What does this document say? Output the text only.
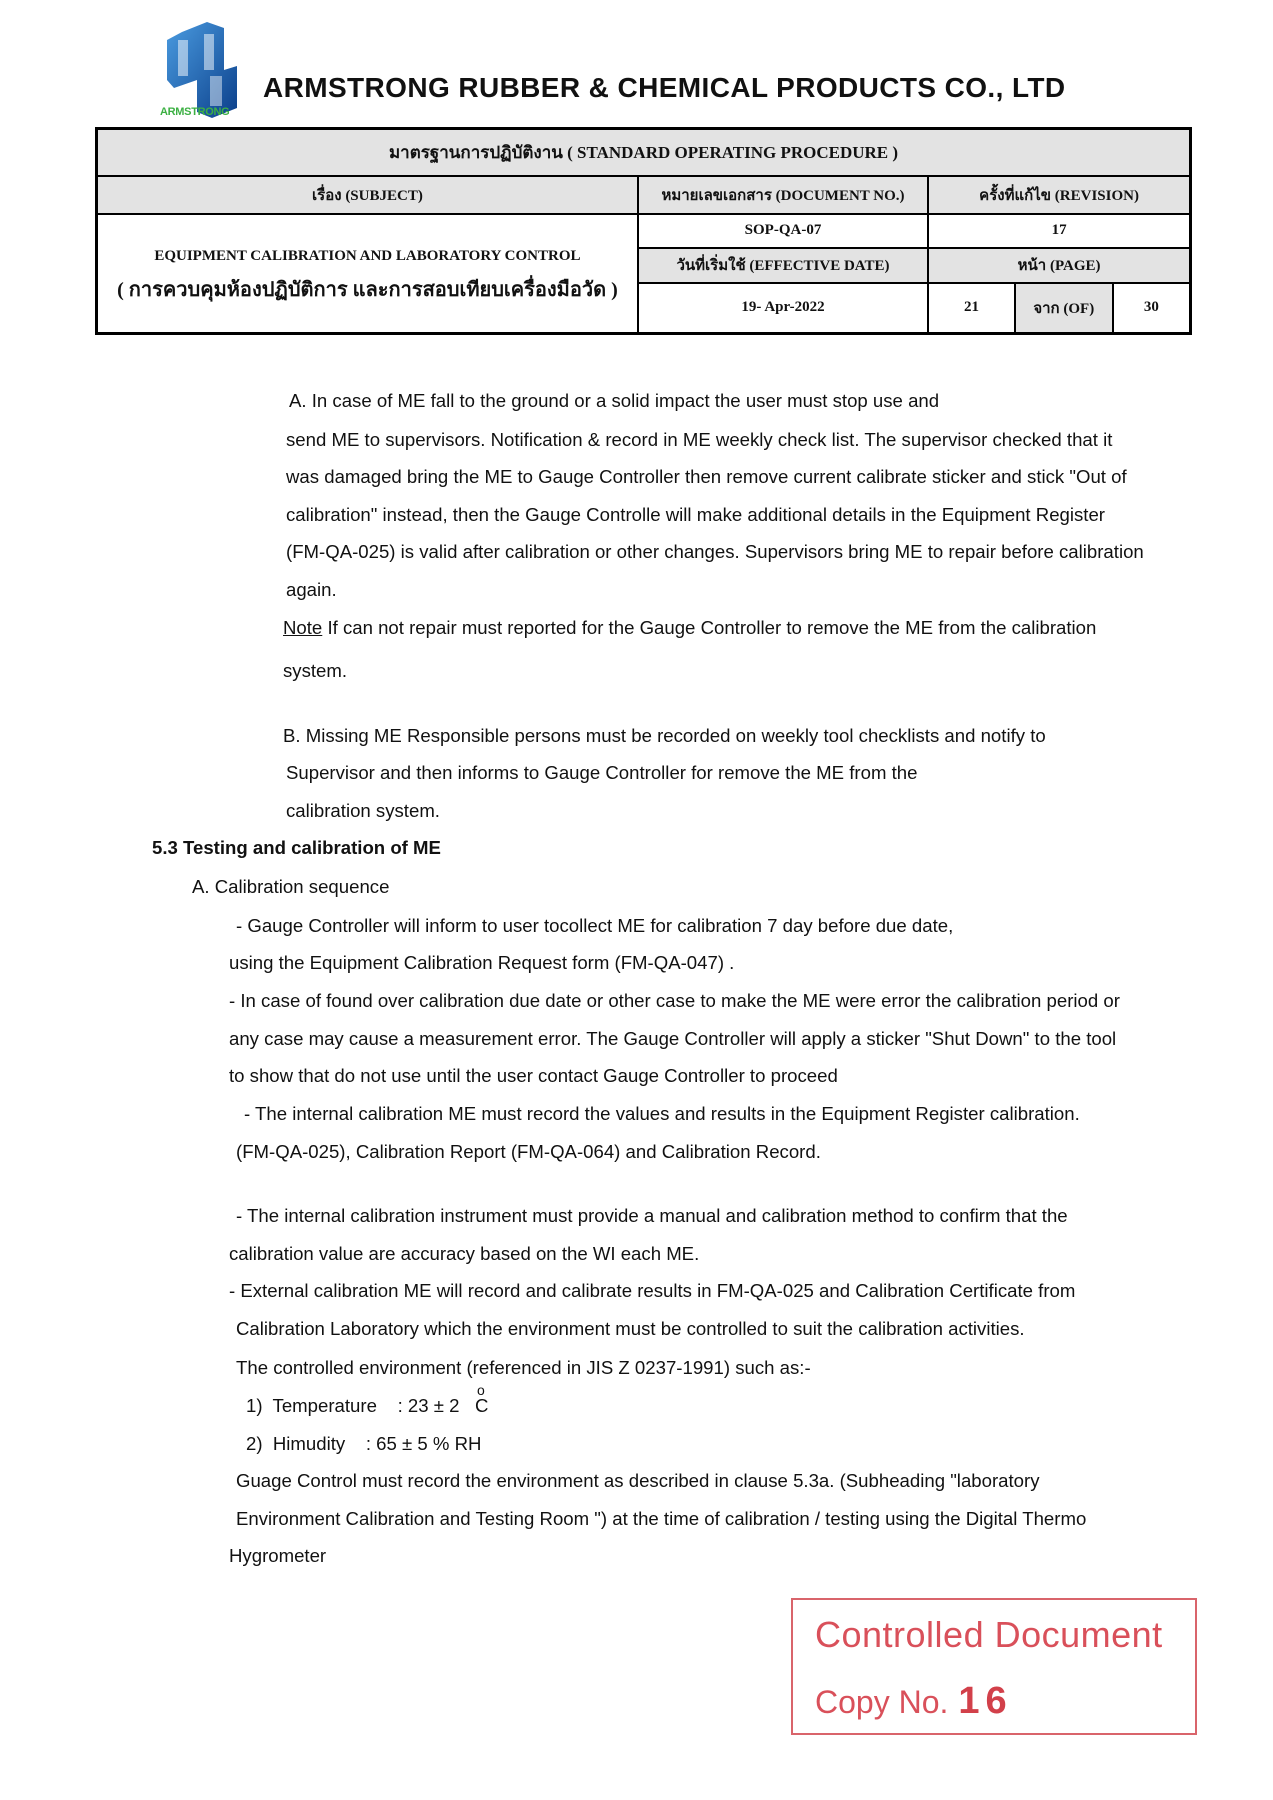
ARMSTRONG
ARMSTRONG RUBBER & CHEMICAL PRODUCTS CO., LTD
มาตรฐานการปฏิบัติงาน ( STANDARD OPERATING PROCEDURE )				
เรื่อง (SUBJECT)	หมายเลขเอกสาร (DOCUMENT NO.)	ครั้งที่แก้ไข (REVISION)		

EQUIPMENT CALIBRATION AND LABORATORY CONTROL
( การควบคุมห้องปฏิบัติการ และการสอบเทียบเครื่องมือวัด )	SOP-QA-07	17		
	วันที่เริ่มใช้ (EFFECTIVE DATE)	หน้า (PAGE)		
	19- Apr-2022	21	จาก (OF)	30
A. In case of ME fall to the ground or a solid impact the user must stop use and
send ME to supervisors. Notification & record in ME weekly check list. The supervisor checked that it
was damaged bring the ME to Gauge Controller then remove current calibrate sticker and stick "Out of
calibration" instead, then the Gauge Controlle will make additional details in the Equipment Register
(FM-QA-025) is valid after calibration or other changes. Supervisors bring ME to repair before calibration
again.
Note If can not repair must reported for the Gauge Controller to remove the ME from the calibration
system.
B. Missing ME Responsible persons must be recorded on weekly tool checklists and notify to
Supervisor and then informs to Gauge Controller for remove the ME from the
calibration system.
5.3 Testing and calibration of ME
A. Calibration sequence
- Gauge Controller will inform to user tocollect ME for calibration 7 day before due date,
using the Equipment Calibration Request form (FM-QA-047) .
- In case of found over calibration due date or other case to make the ME were error the calibration period or
any case may cause a measurement error. The Gauge Controller will apply a sticker "Shut Down" to the tool
to show that do not use until the user contact Gauge Controller to proceed
- The internal calibration ME must record the values and results in the Equipment Register calibration.
(FM-QA-025), Calibration Report (FM-QA-064) and Calibration Record.
- The internal calibration instrument must provide a manual and calibration method to confirm that the
calibration value are accuracy based on the WI each ME.
- External calibration ME will record and calibrate results in FM-QA-025 and Calibration Certificate from
Calibration Laboratory which the environment must be controlled to suit the calibration activities.
The controlled environment (referenced in JIS Z 0237-1991) such as:-
1)  Temperature    : 23 ± 2
o
C
2)  Himudity    : 65 ± 5 % RH
Guage Control must record the environment as described in clause 5.3a. (Subheading "laboratory
Environment Calibration and Testing Room ") at the time of calibration / testing using the Digital Thermo
Hygrometer
Controlled Document
Copy No. 16
